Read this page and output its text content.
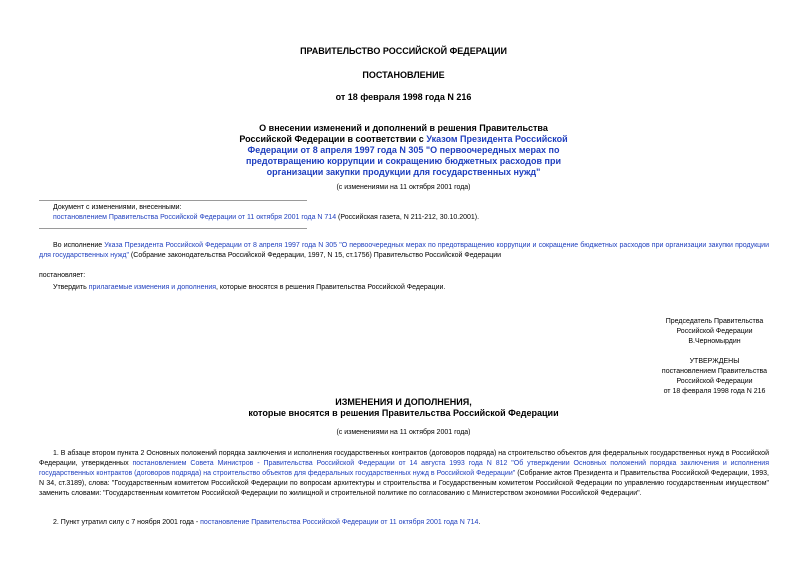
ПРАВИТЕЛЬСТВО РОССИЙСКОЙ ФЕДЕРАЦИИ
ПОСТАНОВЛЕНИЕ
от 18 февраля 1998 года N 216
О внесении изменений и дополнений в решения Правительства
Российской Федерации в соответствии с Указом Президента Российской
Федерации от 8 апреля 1997 года N 305 "О первоочередных мерах по
предотвращению коррупции и сокращению бюджетных расходов при
организации закупки продукции для государственных нужд"
(с изменениями на 11 октября 2001 года)
Документ с изменениями, внесенными:
постановлением Правительства Российской Федерации от 11 октября 2001 года N 714 (Российская газета, N 211-212, 30.10.2001).
Во исполнение Указа Президента Российской Федерации от 8 апреля 1997 года N 305 "О первоочередных мерах по предотвращению коррупции и сокращение бюджетных расходов при организации закупки продукции для государственных нужд" (Собрание законодательства Российской Федерации, 1997, N 15, ст.1756) Правительство Российской Федерации
постановляет:
Утвердить прилагаемые изменения и дополнения, которые вносятся в решения Правительства Российской Федерации.
Председатель Правительства
Российской Федерации
В.Черномырдин
УТВЕРЖДЕНЫ
постановлением Правительства
Российской Федерации
от 18 февраля 1998 года N 216
ИЗМЕНЕНИЯ И ДОПОЛНЕНИЯ,
которые вносятся в решения Правительства Российской Федерации
(с изменениями на 11 октября 2001 года)
1. В абзаце втором пункта 2 Основных положений порядка заключения и исполнения государственных контрактов (договоров подряда) на строительство объектов для федеральных государственных нужд в Российской Федерации, утвержденных постановлением Совета Министров - Правительства Российской Федерации от 14 августа 1993 года N 812 "Об утверждении Основных положений порядка заключения и исполнения государственных контрактов (договоров подряда) на строительство объектов для федеральных государственных нужд в Российской Федерации" (Собрание актов Президента и Правительства Российской Федерации, 1993, N 34, ст.3189), слова: "Государственным комитетом Российской Федерации по вопросам архитектуры и строительства и Государственным комитетом Российской Федерации по управлению государственным имуществом" заменить словами: "Государственным комитетом Российской Федерации по жилищной и строительной политике по согласованию с Министерством экономики Российской Федерации".
2. Пункт утратил силу с 7 ноября 2001 года - постановление Правительства Российской Федерации от 11 октября 2001 года N 714.
